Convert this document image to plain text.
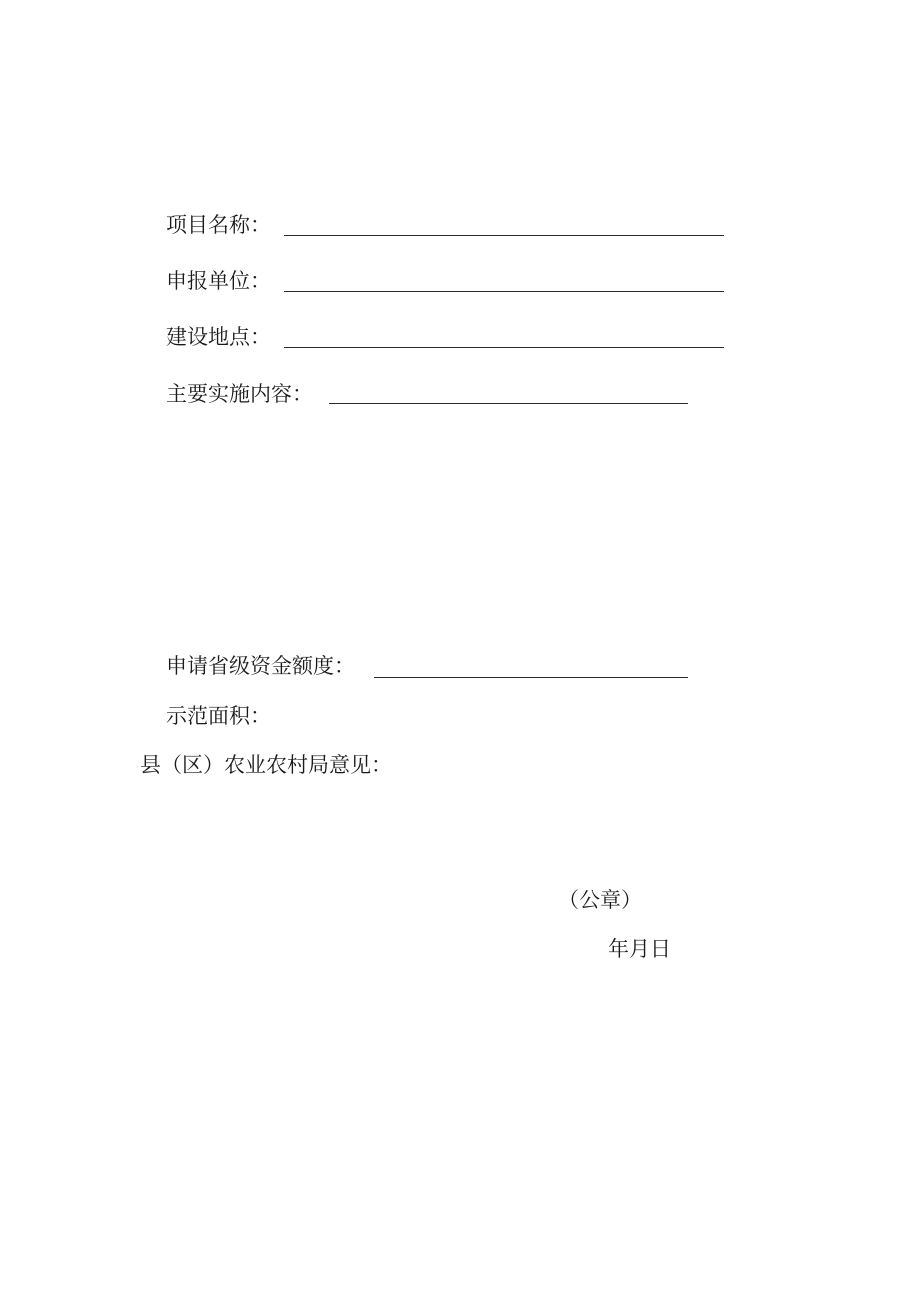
项目名称：
申报单位：
建设地点：
主要实施内容：
申请省级资金额度：
示范面积：
县（区）农业农村局意见：
（公章）
年月日
